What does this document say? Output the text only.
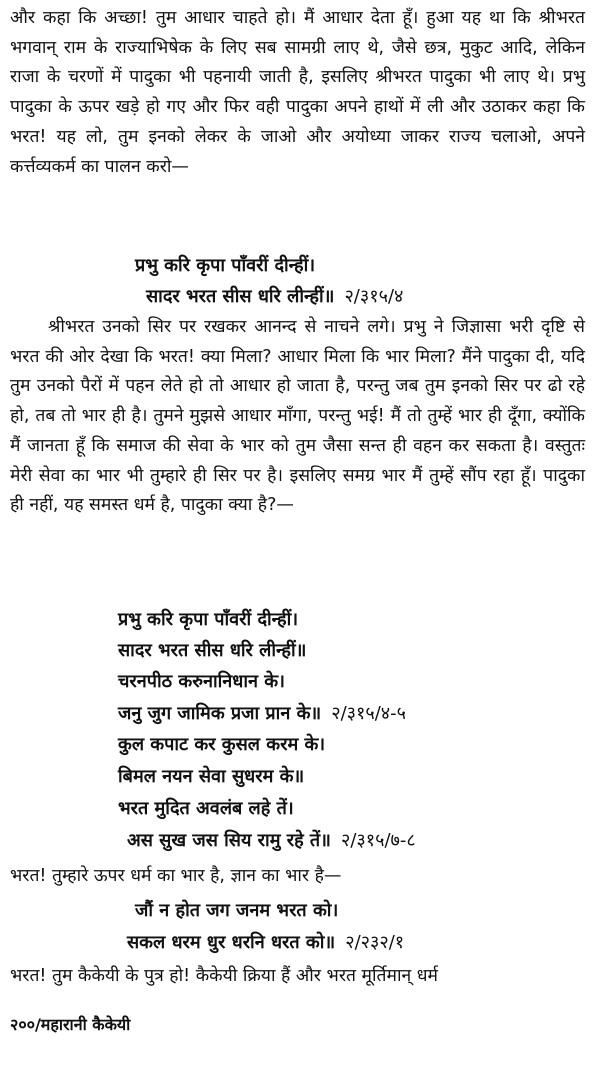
और कहा कि अच्छा! तुम आधार चाहते हो। मैं आधार देता हूँ। हुआ यह था कि श्रीभरत भगवान् राम के राज्याभिषेक के लिए सब सामग्री लाए थे, जैसे छत्र, मुकुट आदि, लेकिन राजा के चरणों में पादुका भी पहनायी जाती है, इसलिए श्रीभरत पादुका भी लाए थे। प्रभु पादुका के ऊपर खड़े हो गए और फिर वही पादुका अपने हाथों में ली और उठाकर कहा कि भरत! यह लो, तुम इनको लेकर के जाओ और अयोध्या जाकर राज्य चलाओ, अपने कर्त्तव्यकर्म का पालन करो—
प्रभु करि कृपा पाँवरीं दीन्हीं।
सादर भरत सीस धरि लीन्हीं॥ २/३१५/४
श्रीभरत उनको सिर पर रखकर आनन्द से नाचने लगे। प्रभु ने जिज्ञासा भरी दृष्टि से भरत की ओर देखा कि भरत! क्या मिला? आधार मिला कि भार मिला? मैंने पादुका दी, यदि तुम उनको पैरों में पहन लेते हो तो आधार हो जाता है, परन्तु जब तुम इनको सिर पर ढो रहे हो, तब तो भार ही है। तुमने मुझसे आधार माँगा, परन्तु भई! मैं तो तुम्हें भार ही दूँगा, क्योंकि मैं जानता हूँ कि समाज की सेवा के भार को तुम जैसा सन्त ही वहन कर सकता है। वस्तुतः मेरी सेवा का भार भी तुम्हारे ही सिर पर है। इसलिए समग्र भार मैं तुम्हें सौंप रहा हूँ। पादुका ही नहीं, यह समस्त धर्म है, पादुका क्या है?—
प्रभु करि कृपा पाँवरीं दीन्हीं।
सादर भरत सीस धरि लीन्हीं॥
चरनपीठ करुनानिधान के।
जनु जुग जामिक प्रजा प्रान के॥ २/३१५/४-५
कुल कपाट कर कुसल करम के।
बिमल नयन सेवा सुधरम के॥
भरत मुदित अवलंब लहे तें।
अस सुख जस सिय रामु रहे तें॥ २/३१५/७-८
भरत! तुम्हारे ऊपर धर्म का भार है, ज्ञान का भार है—
जौं न होत जग जनम भरत को।
सकल धरम धुर धरनि धरत को॥ २/२३२/१
भरत! तुम कैकेयी के पुत्र हो! कैकेयी क्रिया हैं और भरत मूर्तिमान् धर्म
२००/महारानी कैकेयी
